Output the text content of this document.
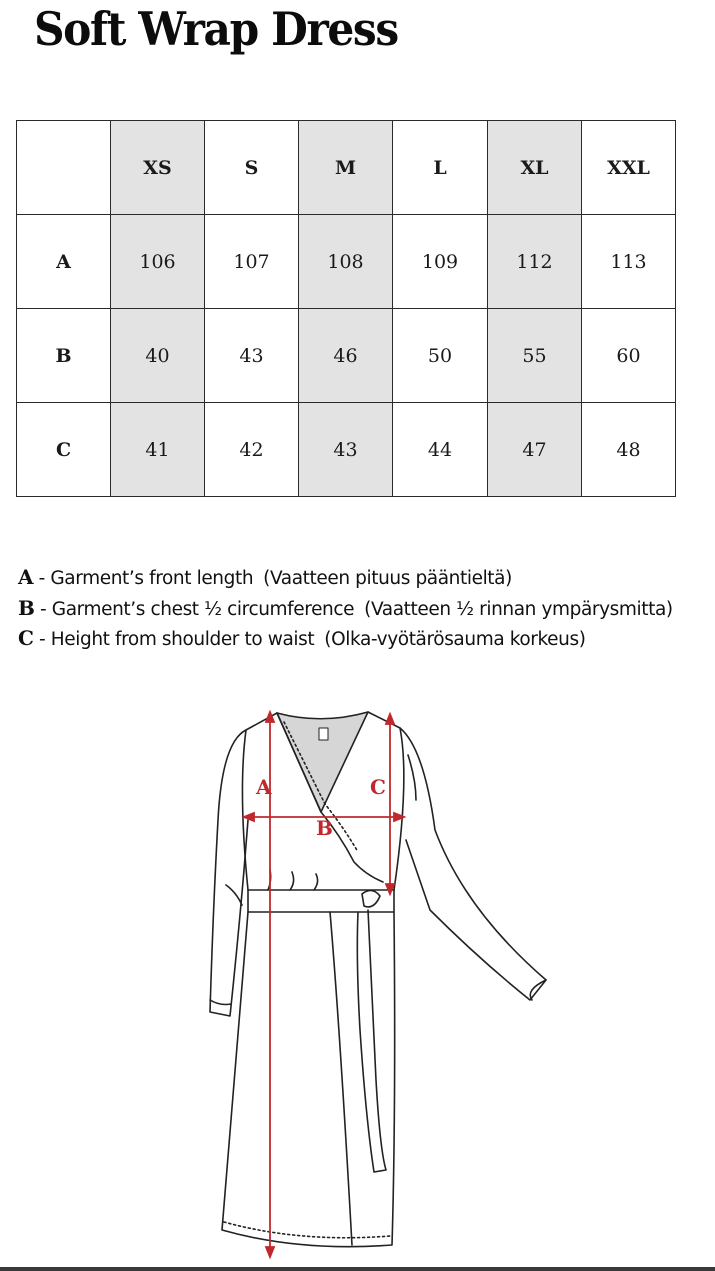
Soft Wrap Dress
	XS	S	M	L	XL	XXL
A	106	107	108	109	112	113
B	40	43	46	50	55	60
C	41	42	43	44	47	48
A - Garment’s front length (Vaatteen pituus pääntieltä)
B - Garment’s chest ½ circumference (Vaatteen ½ rinnan ympärysmitta)
C - Height from shoulder to waist (Olka-vyötärösauma korkeus)
A
B
C
